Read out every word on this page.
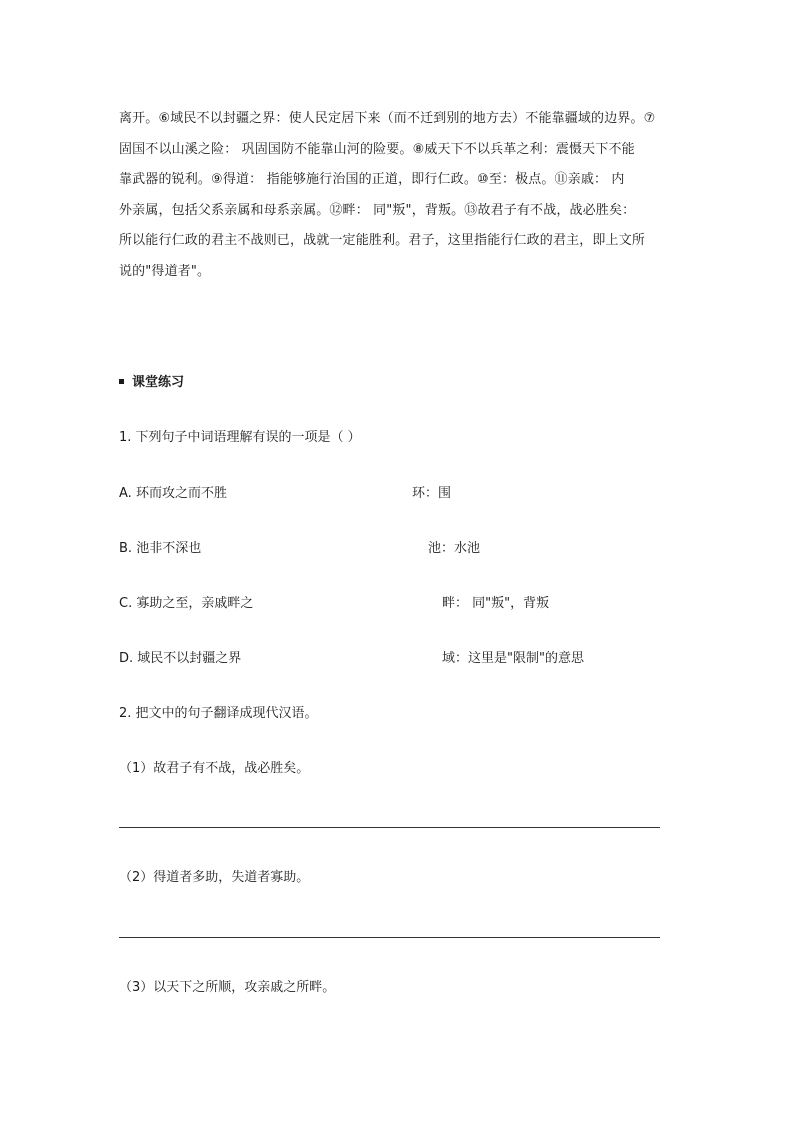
离开。⑥域民不以封疆之界：使人民定居下来（而不迁到别的地方去）不能靠疆域的边界。⑦

固国不以山溪之险： 巩固国防不能靠山河的险要。⑧威天下不以兵革之利：震慑天下不能

靠武器的锐利。⑨得道： 指能够施行治国的正道，即行仁政。⑩至：极点。⑪亲戚： 内

外亲属，包括父系亲属和母系亲属。⑫畔： 同"叛"，背叛。⑬故君子有不战，战必胜矣：

所以能行仁政的君主不战则已，战就一定能胜利。君子，这里指能行仁政的君主，即上文所

说的"得道者"。

课堂练习
1. 下列句子中词语理解有误的一项是（ ）
A. 环而攻之而不胜	环：围
B. 池非不深也	池：水池
C. 寡助之至，亲戚畔之	畔： 同"叛"，背叛
D. 域民不以封疆之界	域：这里是"限制"的意思
2. 把文中的句子翻译成现代汉语。
（1）故君子有不战，战必胜矣。
（2）得道者多助，失道者寡助。
（3）以天下之所顺，攻亲戚之所畔。
